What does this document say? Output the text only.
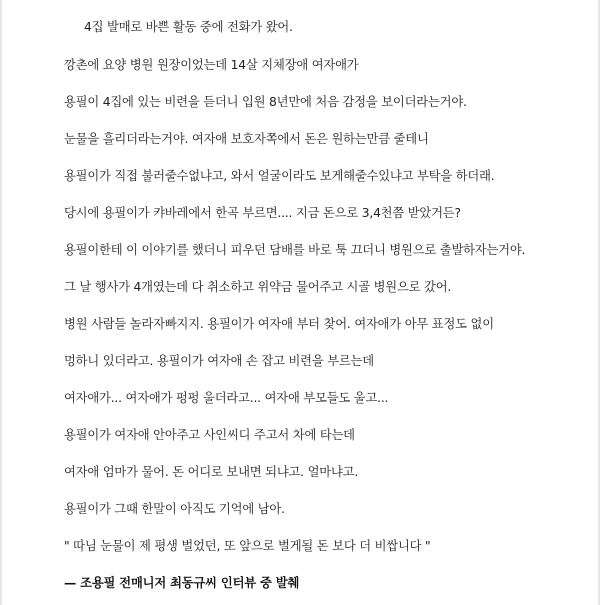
4집 발매로 바쁜 활동 중에 전화가 왔어.
깡촌에 요양 병원 원장이었는데 14살 지체장애 여자애가
용필이 4집에 있는 비련을 듣더니 입원 8년만에 처음 감정을 보이더라는거야.
눈물을 흘리더라는거야. 여자애 보호자쪽에서 돈은 원하는만큼 줄테니
용필이가 직접 불러줄수없냐고, 와서 얼굴이라도 보게해줄수있냐고 부탁을 하더래.
당시에 용필이가 캬바레에서 한곡 부르면.... 지금 돈으로 3,4천쯤 받았거든?
용필이한테 이 이야기를 했더니 피우던 담배를 바로 툭 끄더니 병원으로 출발하자는거야.
그 날 행사가 4개였는데 다 취소하고 위약금 물어주고 시골 병원으로 갔어.
병원 사람들 놀라자빠지지. 용필이가 여자애 부터 찾어. 여자애가 아무 표정도 없이
멍하니 있더라고. 용필이가 여자애 손 잡고 비련을 부르는데
여자애가... 여자애가 펑펑 울더라고... 여자애 부모들도 울고...
용필이가 여자애 안아주고 사인씨디 주고서 차에 타는데
여자애 엄마가 물어. 돈 어디로 보내면 되냐고. 얼마냐고.
용필이가 그때 한말이 아직도 기억에 남아.
" 따님 눈물이 제 평생 벌었던, 또 앞으로 벌게될 돈 보다 더 비쌉니다 "
— 조용필 전매니저 최동규씨 인터뷰 중 발췌
